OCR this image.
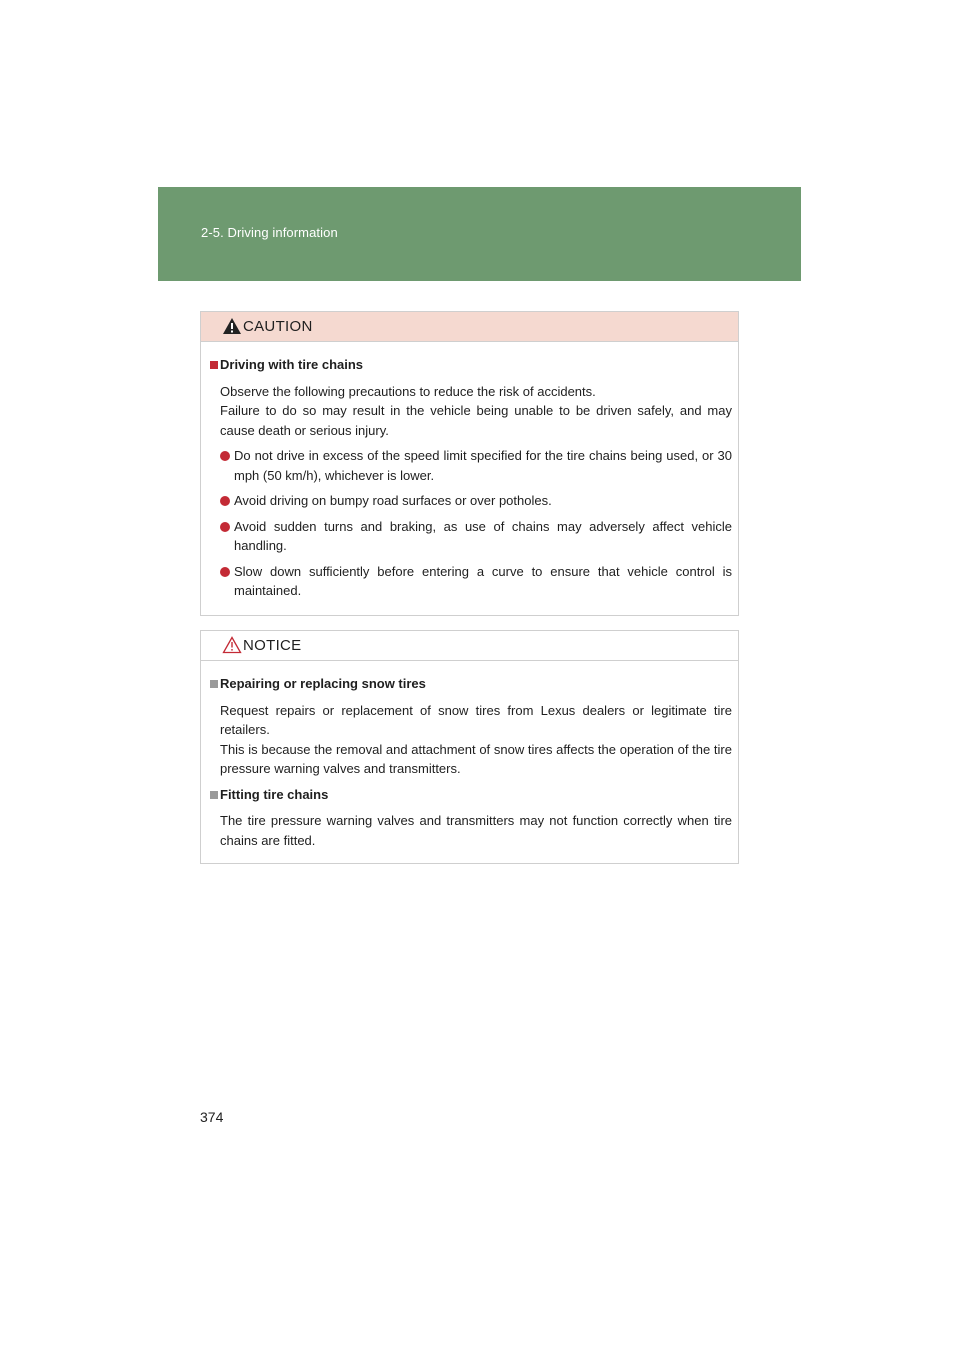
2-5. Driving information
CAUTION
Driving with tire chains

Observe the following precautions to reduce the risk of accidents.

Failure to do so may result in the vehicle being unable to be driven safely, and may cause death or serious injury.

Do not drive in excess of the speed limit specified for the tire chains being used, or 30 mph (50 km/h), whichever is lower.
Avoid driving on bumpy road surfaces or over potholes.
Avoid sudden turns and braking, as use of chains may adversely affect vehicle handling.
Slow down sufficiently before entering a curve to ensure that vehicle control is maintained.
NOTICE
Repairing or replacing snow tires

Request repairs or replacement of snow tires from Lexus dealers or legitimate tire retailers.

This is because the removal and attachment of snow tires affects the operation of the tire pressure warning valves and transmitters.

Fitting tire chains

The tire pressure warning valves and transmitters may not function correctly when tire chains are fitted.

374
